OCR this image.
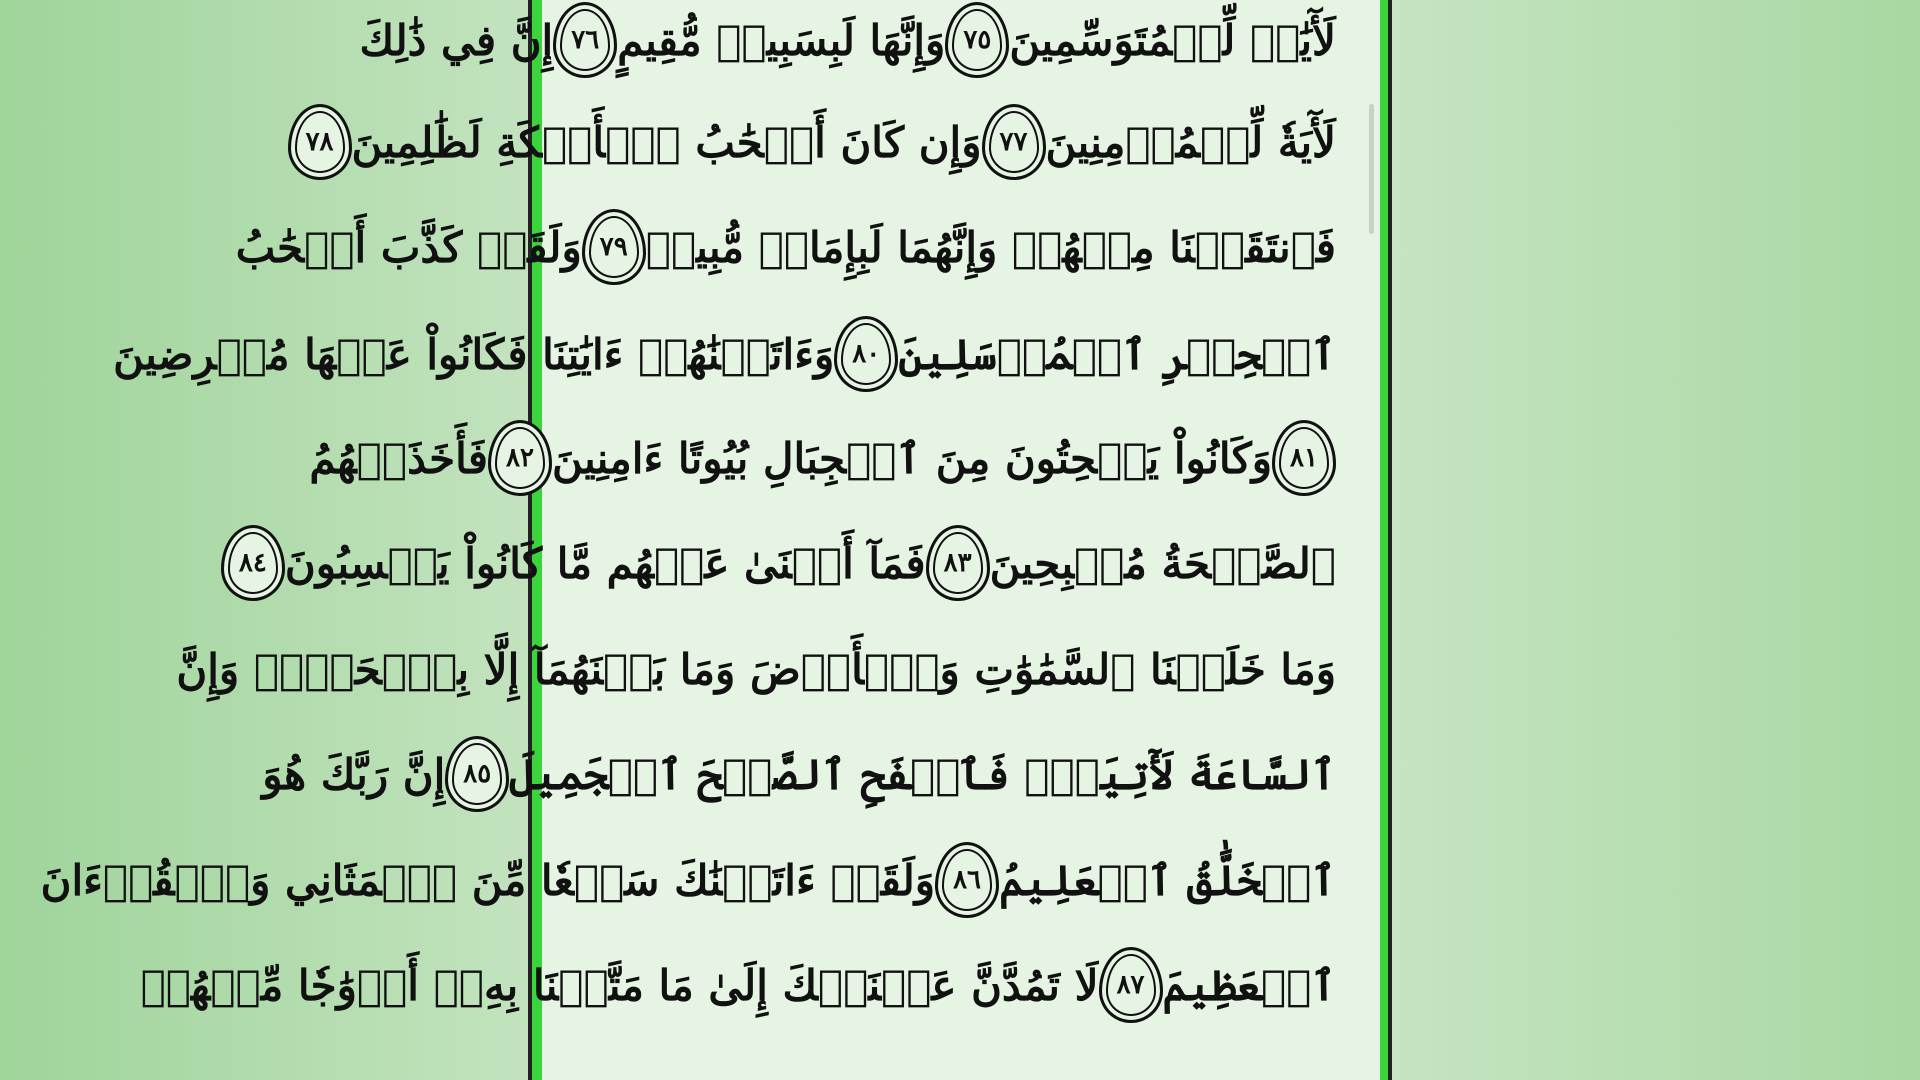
لَأٓيَٰتٖ لِّلۡمُتَوَسِّمِينَ
٧٥
وَإِنَّهَا لَبِسَبِيلٖ مُّقِيمٍ
٧٦
إِنَّ فِي ذَٰلِكَ
لَأٓيَةٗ لِّلۡمُؤۡمِنِينَ
٧٧
وَإِن كَانَ أَصۡحَٰبُ ٱلۡأَيۡكَةِ لَظَٰلِمِينَ
٧٨
فَٱنتَقَمۡنَا مِنۡهُمۡ وَإِنَّهُمَا لَبِإِمَامٖ مُّبِينٖ
٧٩
وَلَقَدۡ كَذَّبَ أَصۡحَٰبُ
ٱلۡحِجۡرِ ٱلۡمُرۡسَلِينَ
٨٠
وَءَاتَيۡنَٰهُمۡ ءَايَٰتِنَا فَكَانُواْ عَنۡهَا مُعۡرِضِينَ
٨١
وَكَانُواْ يَنۡحِتُونَ مِنَ ٱلۡجِبَالِ بُيُوتًا ءَامِنِينَ
٨٢
فَأَخَذَتۡهُمُ
ٱلصَّيۡحَةُ مُصۡبِحِينَ
٨٣
فَمَآ أَغۡنَىٰ عَنۡهُم مَّا كَانُواْ يَكۡسِبُونَ
٨٤
وَمَا خَلَقۡنَا ٱلسَّمَٰوَٰتِ وَٱلۡأَرۡضَ وَمَا بَيۡنَهُمَآ إِلَّا بِٱلۡحَقِّۗ وَإِنَّ
ٱلسَّاعَةَ لَأٓتِيَةٞۖ فَٱصۡفَحِ ٱلصَّفۡحَ ٱلۡجَمِيلَ
٨٥
إِنَّ رَبَّكَ هُوَ
ٱلۡخَلَّٰقُ ٱلۡعَلِيمُ
٨٦
وَلَقَدۡ ءَاتَيۡنَٰكَ سَبۡعٗا مِّنَ ٱلۡمَثَانِي وَٱلۡقُرۡءَانَ
ٱلۡعَظِيمَ
٨٧
لَا تَمُدَّنَّ عَيۡنَيۡكَ إِلَىٰ مَا مَتَّعۡنَا بِهِۦٓ أَزۡوَٰجٗا مِّنۡهُمۡ
